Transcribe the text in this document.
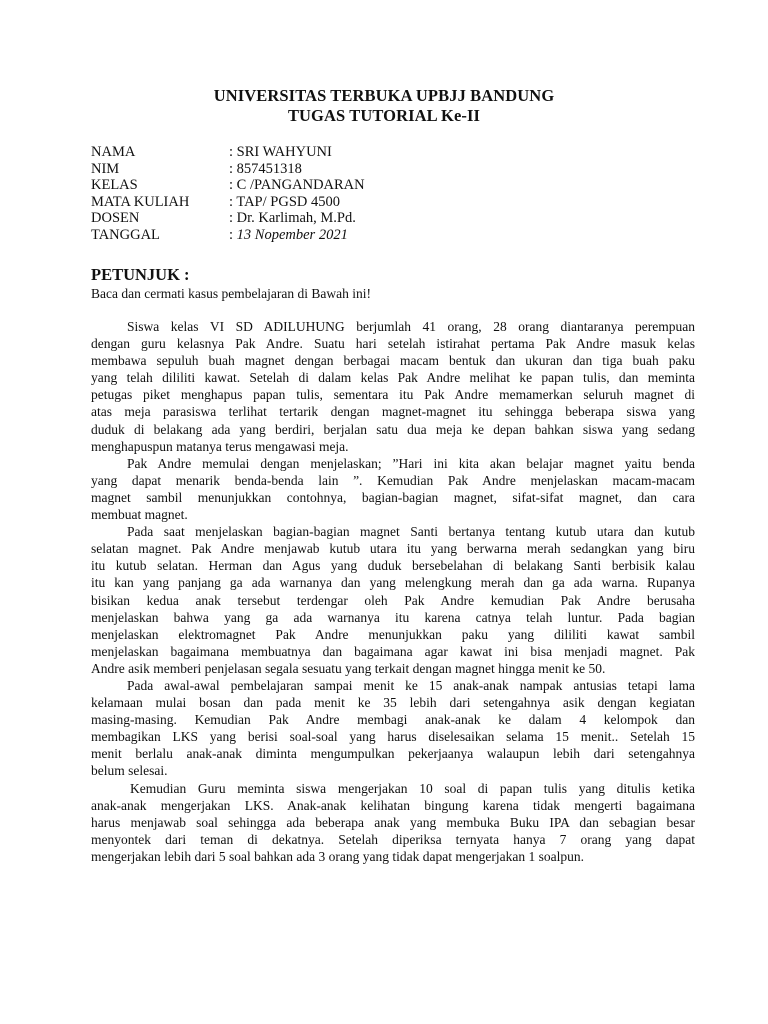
UNIVERSITAS TERBUKA UPBJJ BANDUNG
TUGAS TUTORIAL Ke-II
NAMA	: SRI WAHYUNI
NIM	: 857451318
KELAS	: C /PANGANDARAN
MATA KULIAH	: TAP/ PGSD 4500
DOSEN	: Dr. Karlimah, M.Pd.
TANGGAL	: 13 Nopember 2021
PETUNJUK :
Baca dan cermati kasus pembelajaran di Bawah ini!
Siswa kelas VI SD ADILUHUNG berjumlah 41 orang, 28 orang diantaranya perempuan
dengan guru kelasnya Pak Andre. Suatu hari setelah istirahat pertama Pak Andre masuk kelas
membawa sepuluh buah magnet dengan berbagai macam bentuk dan ukuran dan tiga buah paku
yang telah dililiti kawat. Setelah di dalam kelas Pak Andre melihat ke papan tulis, dan meminta
petugas piket menghapus papan tulis, sementara itu Pak Andre memamerkan seluruh magnet di
atas meja parasiswa terlihat tertarik dengan magnet-magnet itu sehingga beberapa siswa yang
duduk di belakang ada yang berdiri, berjalan satu dua meja ke depan bahkan siswa yang sedang
menghapuspun matanya terus mengawasi meja.
Pak Andre memulai dengan menjelaskan; ”Hari ini kita akan belajar magnet yaitu benda
yang dapat menarik benda-benda lain ”. Kemudian Pak Andre menjelaskan macam-macam
magnet sambil menunjukkan contohnya, bagian-bagian magnet, sifat-sifat magnet, dan cara
membuat magnet.
Pada saat menjelaskan bagian-bagian magnet Santi bertanya tentang kutub utara dan kutub
selatan magnet. Pak Andre menjawab kutub utara itu yang berwarna merah sedangkan yang biru
itu kutub selatan. Herman dan Agus yang duduk bersebelahan di belakang Santi berbisik kalau
itu kan yang panjang ga ada warnanya dan yang melengkung merah dan ga ada warna. Rupanya
bisikan kedua anak tersebut terdengar oleh Pak Andre kemudian Pak Andre berusaha
menjelaskan bahwa yang ga ada warnanya itu karena catnya telah luntur. Pada bagian
menjelaskan elektromagnet Pak Andre menunjukkan paku yang dililiti kawat sambil
menjelaskan bagaimana membuatnya dan bagaimana agar kawat ini bisa menjadi magnet. Pak
Andre asik memberi penjelasan segala sesuatu yang terkait dengan magnet hingga menit ke 50.
Pada awal-awal pembelajaran sampai menit ke 15 anak-anak nampak antusias tetapi lama
kelamaan mulai bosan dan pada menit ke 35 lebih dari setengahnya asik dengan kegiatan
masing-masing. Kemudian Pak Andre membagi anak-anak ke dalam 4 kelompok dan
membagikan LKS yang berisi soal-soal yang harus diselesaikan selama 15 menit.. Setelah 15
menit berlalu anak-anak diminta mengumpulkan pekerjaanya walaupun lebih dari setengahnya
belum selesai.
Kemudian Guru meminta siswa mengerjakan 10 soal di papan tulis yang ditulis ketika
anak-anak mengerjakan LKS. Anak-anak kelihatan bingung karena tidak mengerti bagaimana
harus menjawab soal sehingga ada beberapa anak yang membuka Buku IPA dan sebagian besar
menyontek dari teman di dekatnya. Setelah diperiksa ternyata hanya 7 orang yang dapat
mengerjakan lebih dari 5 soal bahkan ada 3 orang yang tidak dapat mengerjakan 1 soalpun.
